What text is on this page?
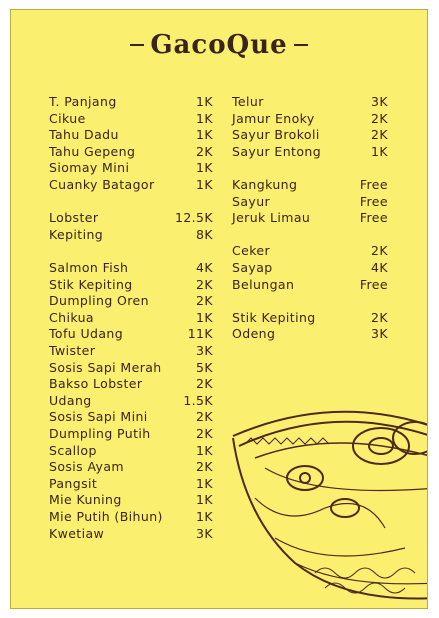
GacoQue
T. Panjang	1K
Cikue	1K
Tahu Dadu	1K
Tahu Gepeng	2K
Siomay Mini	1K
Cuanky Batagor	1K
Lobster	12.5K
Kepiting	8K
Salmon Fish	4K
Stik Kepiting	2K
Dumpling Oren	2K
Chikua	1K
Tofu Udang	11K
Twister	3K
Sosis Sapi Merah	5K
Bakso Lobster	2K
Udang	1.5K
Sosis Sapi Mini	2K
Dumpling Putih	2K
Scallop	1K
Sosis Ayam	2K
Pangsit	1K
Mie Kuning	1K
Mie Putih (Bihun)	1K
Kwetiaw	3K
Telur	3K
Jamur Enoky	2K
Sayur Brokoli	2K
Sayur Entong	1K
Kangkung	Free
Sayur	Free
Jeruk Limau	Free
Ceker	2K
Sayap	4K
Belungan	Free
Stik Kepiting	2K
Odeng	3K
